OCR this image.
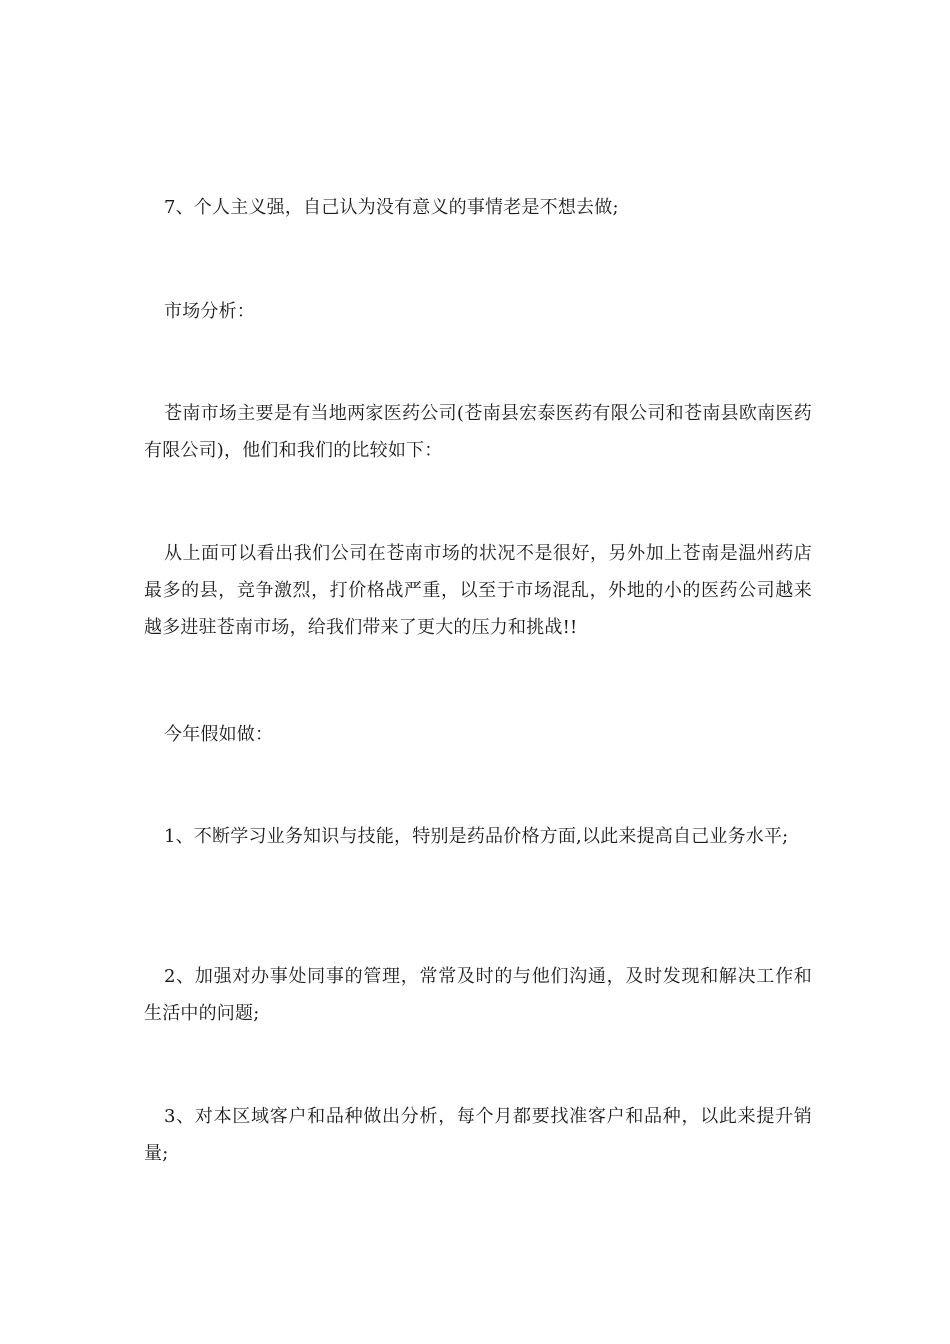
7、个人主义强，自己认为没有意义的事情老是不想去做;

市场分析：

苍南市场主要是有当地两家医药公司(苍南县宏泰医药有限公司和苍南县欧南医药有限公司)，他们和我们的比较如下：

从上面可以看出我们公司在苍南市场的状况不是很好，另外加上苍南是温州药店最多的县，竞争激烈，打价格战严重，以至于市场混乱，外地的小的医药公司越来越多进驻苍南市场，给我们带来了更大的压力和挑战!!

今年假如做：

1、不断学习业务知识与技能，特别是药品价格方面,以此来提高自己业务水平;

2、加强对办事处同事的管理，常常及时的与他们沟通，及时发现和解决工作和生活中的问题;

3、对本区域客户和品种做出分析，每个月都要找准客户和品种，以此来提升销量;
